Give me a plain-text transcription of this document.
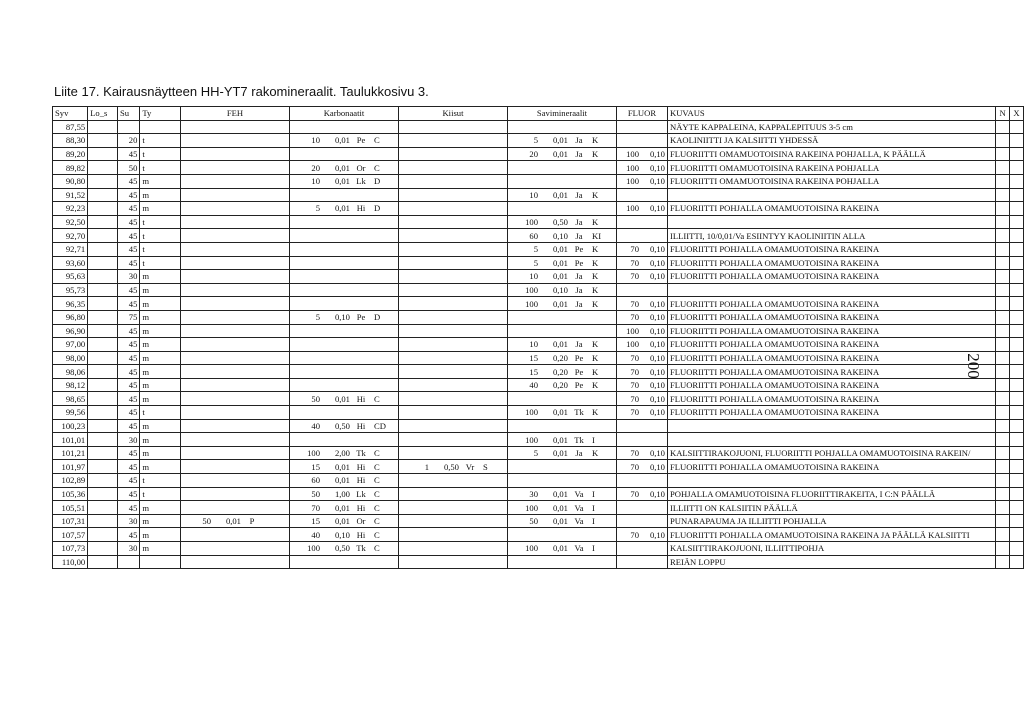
Liite 17. Kairausnäytteen HH-YT7 rakomineraalit. Taulukkosivu 3.
200
Syv	Lo_s	Su	Ty	FEH	Karbonaatit	Kiisut	Savimineraalit	FLUOR	KUVAUS	N	X
87,55									NÄYTE KAPPALEINA, KAPPALEPITUUS 3-5 cm		
88,30		20	t		10 0,01 Pe C		5 0,01 Ja K		KAOLINIITTI JA KALSIITTI YHDESSÄ		
89,20		45	t				20 0,01 Ja K	100 0,10	FLUORIITTI OMAMUOTOISINA RAKEINA POHJALLA, K PÄÄLLÄ		
89,82		50	t		20 0,01 Or C			100 0,10	FLUORIITTI OMAMUOTOISINA RAKEINA POHJALLA		
90,80		45	m		10 0,01 Lk D			100 0,10	FLUORIITTI OMAMUOTOISINA RAKEINA POHJALLA		
91,52		45	m				10 0,01 Ja K				

92,23		45	m		5 0,01 Hi D			100 0,10	FLUORIITTI POHJALLA OMAMUOTOISINA RAKEINA		
92,50		45	t				100 0,50 Ja K				

92,70		45	t				60 0,10 Ja KI		ILLIITTI, 10/0,01/Va ESIINTYY KAOLINIITIN ALLA		
92,71		45	t				5 0,01 Pe K	70 0,10	FLUORIITTI POHJALLA OMAMUOTOISINA RAKEINA		
93,60		45	t				5 0,01 Pe K	70 0,10	FLUORIITTI POHJALLA OMAMUOTOISINA RAKEINA		
95,63		30	m				10 0,01 Ja K	70 0,10	FLUORIITTI POHJALLA OMAMUOTOISINA RAKEINA		
95,73		45	m				100 0,10 Ja K				

96,35		45	m				100 0,01 Ja K	70 0,10	FLUORIITTI POHJALLA OMAMUOTOISINA RAKEINA		
96,80		75	m		5 0,10 Pe D			70 0,10	FLUORIITTI POHJALLA OMAMUOTOISINA RAKEINA		
96,90		45	m					100 0,10	FLUORIITTI POHJALLA OMAMUOTOISINA RAKEINA		
97,00		45	m				10 0,01 Ja K	100 0,10	FLUORIITTI POHJALLA OMAMUOTOISINA RAKEINA		
98,00		45	m				15 0,20 Pe K	70 0,10	FLUORIITTI POHJALLA OMAMUOTOISINA RAKEINA		
98,06		45	m				15 0,20 Pe K	70 0,10	FLUORIITTI POHJALLA OMAMUOTOISINA RAKEINA		
98,12		45	m				40 0,20 Pe K	70 0,10	FLUORIITTI POHJALLA OMAMUOTOISINA RAKEINA		
98,65		45	m		50 0,01 Hi C			70 0,10	FLUORIITTI POHJALLA OMAMUOTOISINA RAKEINA		
99,56		45	t				100 0,01 Tk K	70 0,10	FLUORIITTI POHJALLA OMAMUOTOISINA RAKEINA		
100,23		45	m		40 0,50 Hi CD						

101,01		30	m				100 0,01 Tk I				

101,21		45	m		100 2,00 Tk C		5 0,01 Ja K	70 0,10	KALSIITTIRAKOJUONI, FLUORIITTI POHJALLA OMAMUOTOISINA RAKEIN/		
101,97		45	m		15 0,01 Hi C	1 0,50 Vr S		70 0,10	FLUORIITTI POHJALLA OMAMUOTOISINA RAKEINA		
102,89		45	t		60 0,01 Hi C						

105,36		45	t		50 1,00 Lk C		30 0,01 Va I	70 0,10	POHJALLA OMAMUOTOISINA FLUORIITTIRAKEITA, I C:N PÄÄLLÄ		
105,51		45	m		70 0,01 Hi C		100 0,01 Va I		ILLIITTI ON KALSIITIN PÄÄLLÄ		
107,31		30	m	50 0,01 P	15 0,01 Or C		50 0,01 Va I		PUNARAPAUMA JA ILLIITTI POHJALLA		
107,57		45	m		40 0,10 Hi C			70 0,10	FLUORIITTI POHJALLA OMAMUOTOISINA RAKEINA JA PÄÄLLÄ KALSIITTI		
107,73		30	m		100 0,50 Tk C		100 0,01 Va I		KALSIITTIRAKOJUONI, ILLIITTIPOHJA		
110,00									REIÄN LOPPU		
